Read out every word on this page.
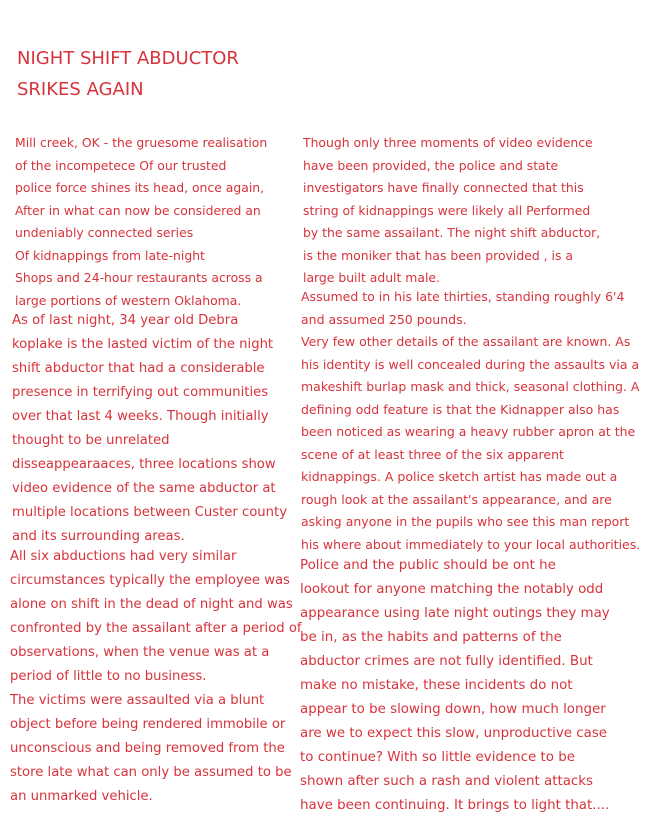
NIGHT SHIFT ABDUCTOR
SRIKES AGAIN
Mill creek, OK - the gruesome realisation
of the incompetece Of our trusted
police force shines its head, once again,
After in what can now be considered an
undeniably connected series
Of kidnappings from late-night
Shops and 24-hour restaurants across a
large portions of western Oklahoma.
As of last night, 34 year old Debra
koplake is the lasted victim of the night
shift abductor that had a considerable
presence in terrifying out communities
over that last 4 weeks. Though initially
thought to be unrelated
disseappearaaces, three locations show
video evidence of the same abductor at
multiple locations between Custer county
and its surrounding areas.
All six abductions had very similar
circumstances typically the employee was
alone on shift in the dead of night and was
confronted by the assailant after a period of
observations, when the venue was at a
period of little to no business.
The victims were assaulted via a blunt
object before being rendered immobile or
unconscious and being removed from the
store late what can only be assumed to be
an unmarked vehicle.
Though only three moments of video evidence
have been provided, the police and state
investigators have finally connected that this
string of kidnappings were likely all Performed
by the same assailant. The night shift abductor,
is the moniker that has been provided , is a
large built adult male.
Assumed to in his late thirties, standing roughly 6'4
and assumed 250 pounds.
Very few other details of the assailant are known. As
his identity is well concealed during the assaults via a
makeshift burlap mask and thick, seasonal clothing. A
defining odd feature is that the Kidnapper also has
been noticed as wearing a heavy rubber apron at the
scene of at least three of the six apparent
kidnappings. A police sketch artist has made out a
rough look at the assailant's appearance, and are
asking anyone in the pupils who see this man report
his where about immediately to your local authorities.
Police and the public should be ont he
lookout for anyone matching the notably odd
appearance using late night outings they may
be in, as the habits and patterns of the
abductor crimes are not fully identified. But
make no mistake, these incidents do not
appear to be slowing down, how much longer
are we to expect this slow, unproductive case
to continue? With so little evidence to be
shown after such a rash and violent attacks
have been continuing. It brings to light that....
